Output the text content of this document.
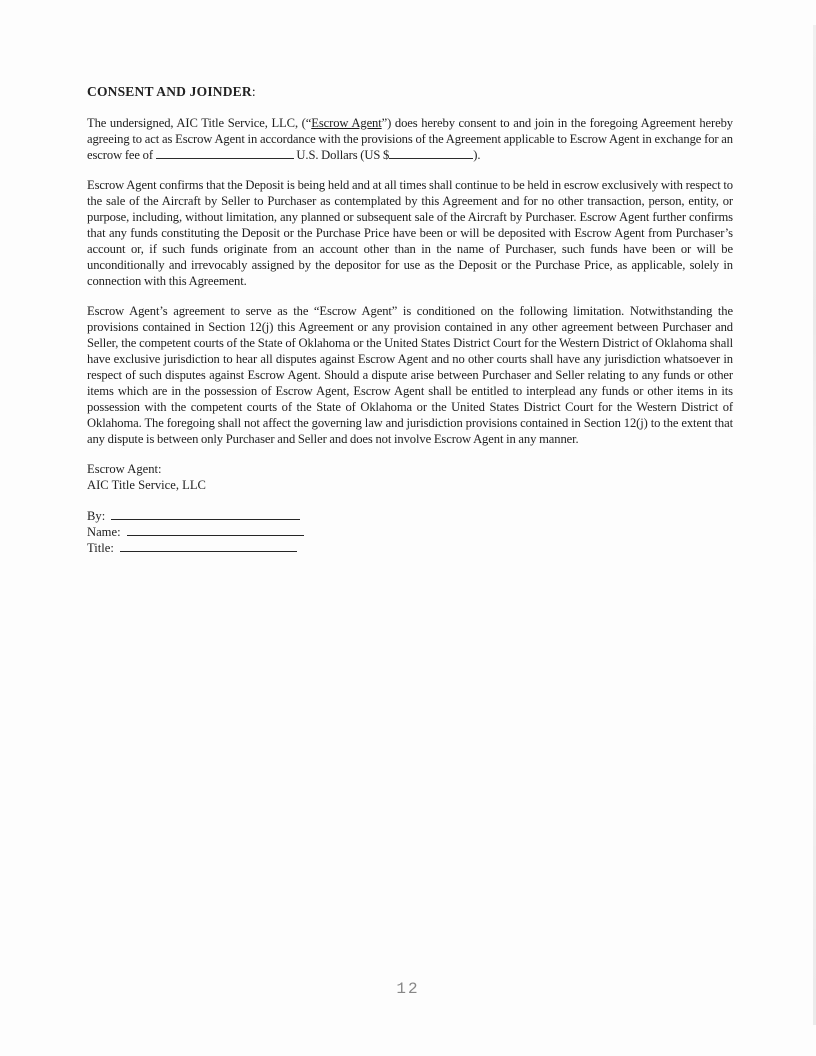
CONSENT AND JOINDER:

The undersigned, AIC Title Service, LLC, (“Escrow Agent”) does hereby consent to and join in the foregoing Agreement hereby agreeing to act as Escrow Agent in accordance with the provisions of the Agreement applicable to Escrow Agent in exchange for an escrow fee of	U.S. Dollars (US $	).

Escrow Agent confirms that the Deposit is being held and at all times shall continue to be held in escrow exclusively with respect to the sale of the Aircraft by Seller to Purchaser as contemplated by this Agreement and for no other transaction, person, entity, or purpose, including, without limitation, any planned or subsequent sale of the Aircraft by Purchaser. Escrow Agent further confirms that any funds constituting the Deposit or the Purchase Price have been or will be deposited with Escrow Agent from Purchaser’s account or, if such funds originate from an account other than in the name of Purchaser, such funds have been or will be unconditionally and irrevocably assigned by the depositor for use as the Deposit or the Purchase Price, as applicable, solely in connection with this Agreement.

Escrow Agent’s agreement to serve as the “Escrow Agent” is conditioned on the following limitation. Notwithstanding the provisions contained in Section 12(j) this Agreement or any provision contained in any other agreement between Purchaser and Seller, the competent courts of the State of Oklahoma or the United States District Court for the Western District of Oklahoma shall have exclusive jurisdiction to hear all disputes against Escrow Agent and no other courts shall have any jurisdiction whatsoever in respect of such disputes against Escrow Agent. Should a dispute arise between Purchaser and Seller relating to any funds or other items which are in the possession of Escrow Agent, Escrow Agent shall be entitled to interplead any funds or other items in its possession with the competent courts of the State of Oklahoma or the United States District Court for the Western District of Oklahoma. The foregoing shall not affect the governing law and jurisdiction provisions contained in Section 12(j) to the extent that any dispute is between only Purchaser and Seller and does not involve Escrow Agent in any manner.

Escrow Agent:
AIC Title Service, LLC
By:
Name:
Title:
12
